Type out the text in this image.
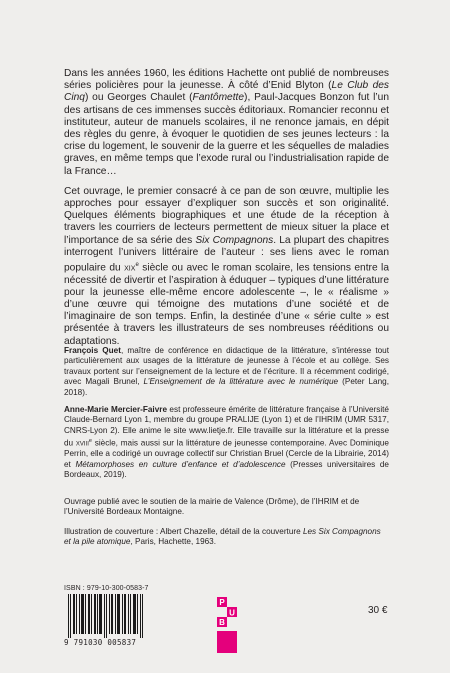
Dans les années 1960, les éditions Hachette ont publié de nombreuses séries policières pour la jeunesse. À côté d’Enid Blyton (Le Club des Cinq) ou Georges Chaulet (Fantômette), Paul-Jacques Bonzon fut l’un des artisans de ces immenses succès éditoriaux. Romancier reconnu et instituteur, auteur de manuels scolaires, il ne renonce jamais, en dépit des règles du genre, à évoquer le quotidien de ses jeunes lecteurs : la crise du logement, le souvenir de la guerre et les séquelles de maladies graves, en même temps que l’exode rural ou l’industrialisation rapide de la France…

Cet ouvrage, le premier consacré à ce pan de son œuvre, multiplie les approches pour essayer d’expliquer son succès et son originalité. Quelques éléments biographiques et une étude de la réception à travers les courriers de lecteurs permettent de mieux situer la place et l’importance de sa série des Six Compagnons. La plupart des chapitres interrogent l’univers littéraire de l’auteur : ses liens avec le roman populaire du xix$^e$ siècle ou avec le roman scolaire, les tensions entre la nécessité de divertir et l’aspiration à éduquer – typiques d’une littérature pour la jeunesse elle-même encore adolescente –, le « réalisme » d’une œuvre qui témoigne des mutations d’une société et de l’imaginaire de son temps. Enfin, la destinée d’une « série culte » est présentée à travers les illustrateurs de ses nombreuses rééditions ou adaptations.

François Quet, maître de conférence en didactique de la littérature, s’intéresse tout particulièrement aux usages de la littérature de jeunesse à l’école et au collège. Ses travaux portent sur l’enseignement de la lecture et de l’écriture. Il a récemment codirigé, avec Magali Brunel, L’Enseignement de la littérature avec le numérique (Peter Lang, 2018).

Anne-Marie Mercier-Faivre est professeure émérite de littérature française à l’Université Claude-Bernard Lyon 1, membre du groupe PRALIJE (Lyon 1) et de l’IHRIM (UMR 5317, CNRS-Lyon 2). Elle anime le site www.lietje.fr. Elle travaille sur la littérature et la presse du xviii$^e$ siècle, mais aussi sur la littérature de jeunesse contemporaine. Avec Dominique Perrin, elle a codirigé un ouvrage collectif sur Christian Bruel (Cercle de la Librairie, 2014) et Métamorphoses en culture d’enfance et d’adolescence (Presses universitaires de Bordeaux, 2019).

Ouvrage publié avec le soutien de la mairie de Valence (Drôme), de l’IHRIM et de l’Université Bordeaux Montaigne.

Illustration de couverture : Albert Chazelle, détail de la couverture Les Six Compagnons et la pile atomique, Paris, Hachette, 1963.

ISBN : 979-10-300-0583-7
9 791030 005837
P
U
B
30 €
